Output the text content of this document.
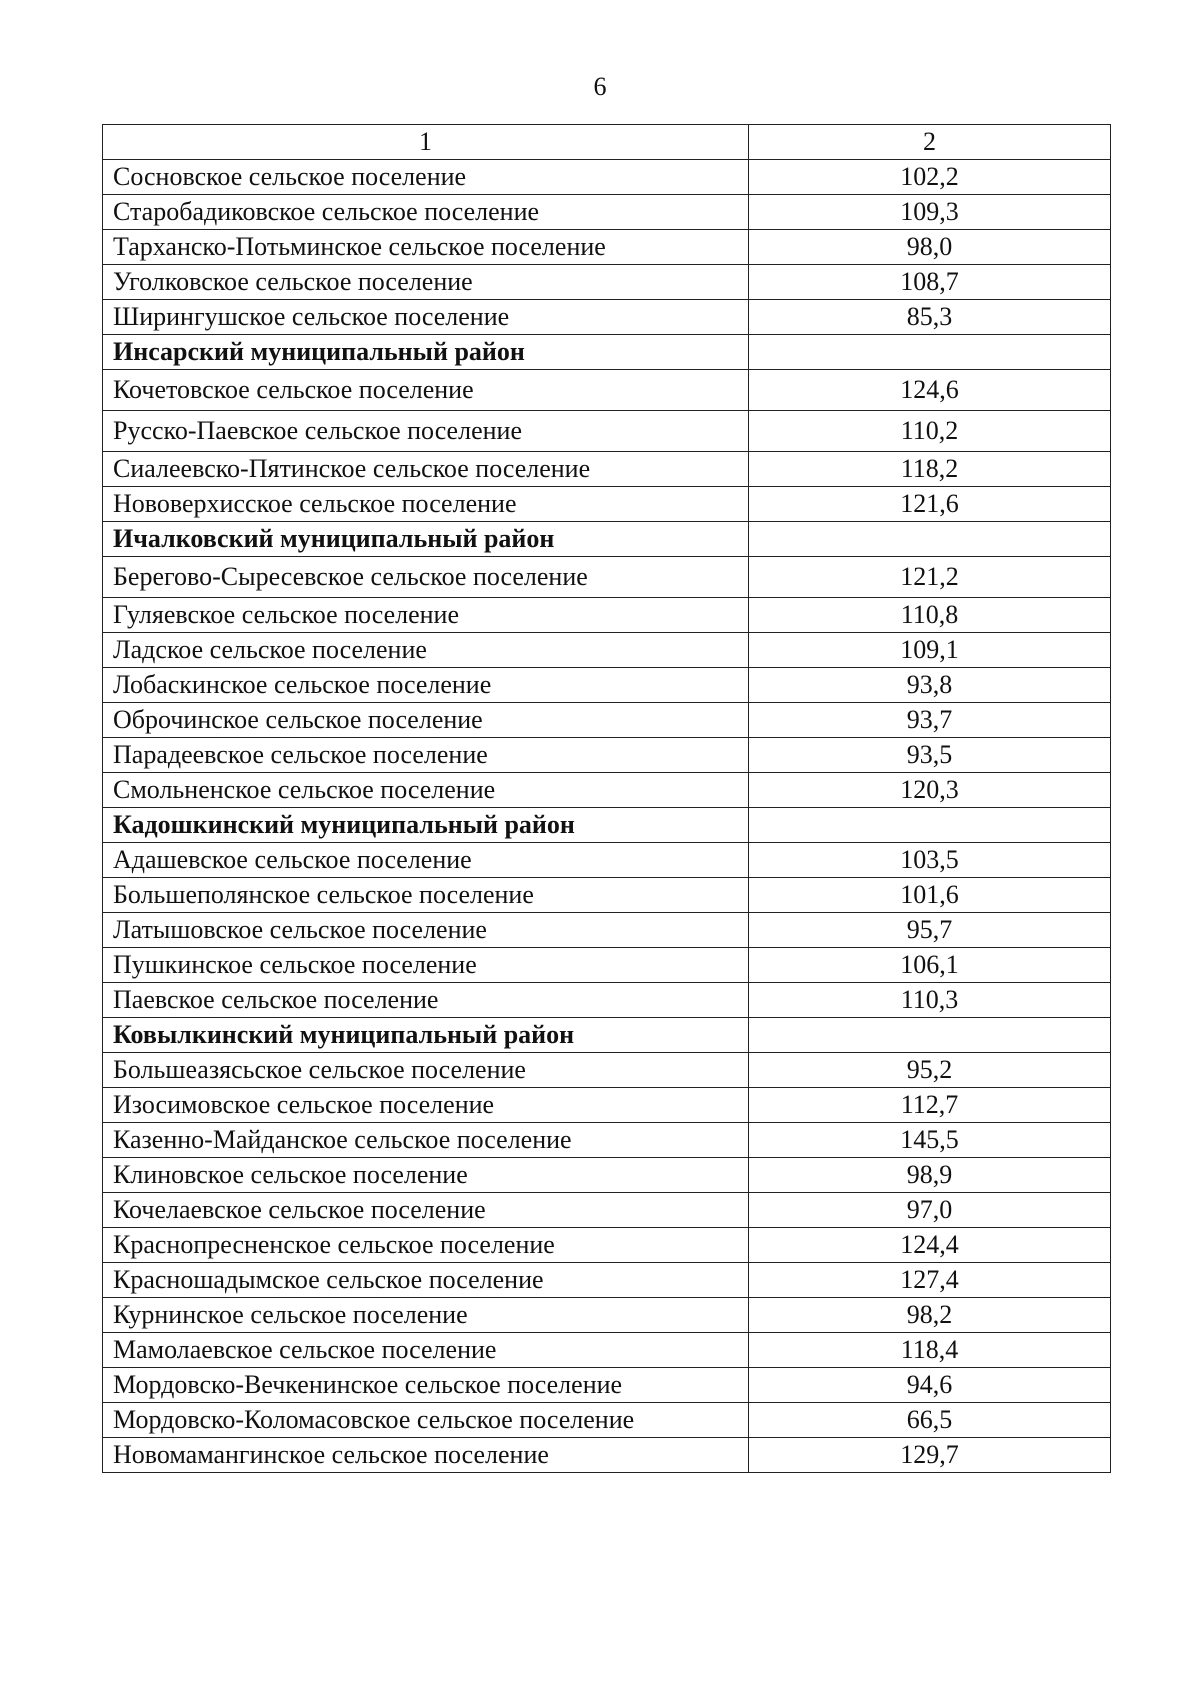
6
1	2
Сосновское сельское поселение	102,2
Старобадиковское сельское поселение	109,3
Тарханско-Потьминское сельское поселение	98,0
Уголковское сельское поселение	108,7
Ширингушское сельское поселение	85,3
Инсарский муниципальный район	
Кочетовское сельское поселение	124,6
Русско-Паевское сельское поселение	110,2
Сиалеевско-Пятинское сельское поселение	118,2
Нововерхисское сельское поселение	121,6
Ичалковский муниципальный район	
Берегово-Сыресевское сельское поселение	121,2
Гуляевское сельское поселение	110,8
Ладское сельское поселение	109,1
Лобаскинское сельское поселение	93,8
Оброчинское сельское поселение	93,7
Парадеевское сельское поселение	93,5
Смольненское сельское поселение	120,3
Кадошкинский муниципальный район	
Адашевское сельское поселение	103,5
Большеполянское сельское поселение	101,6
Латышовское сельское поселение	95,7
Пушкинское сельское поселение	106,1
Паевское сельское поселение	110,3
Ковылкинский муниципальный район	
Большеазясьское сельское поселение	95,2
Изосимовское сельское поселение	112,7
Казенно-Майданское сельское поселение	145,5
Клиновское сельское поселение	98,9
Кочелаевское сельское поселение	97,0
Краснопресненское сельское поселение	124,4
Красношадымское сельское поселение	127,4
Курнинское сельское поселение	98,2
Мамолаевское сельское поселение	118,4
Мордовско-Вечкенинское сельское поселение	94,6
Мордовско-Коломасовское сельское поселение	66,5
Новомамангинское сельское поселение	129,7
